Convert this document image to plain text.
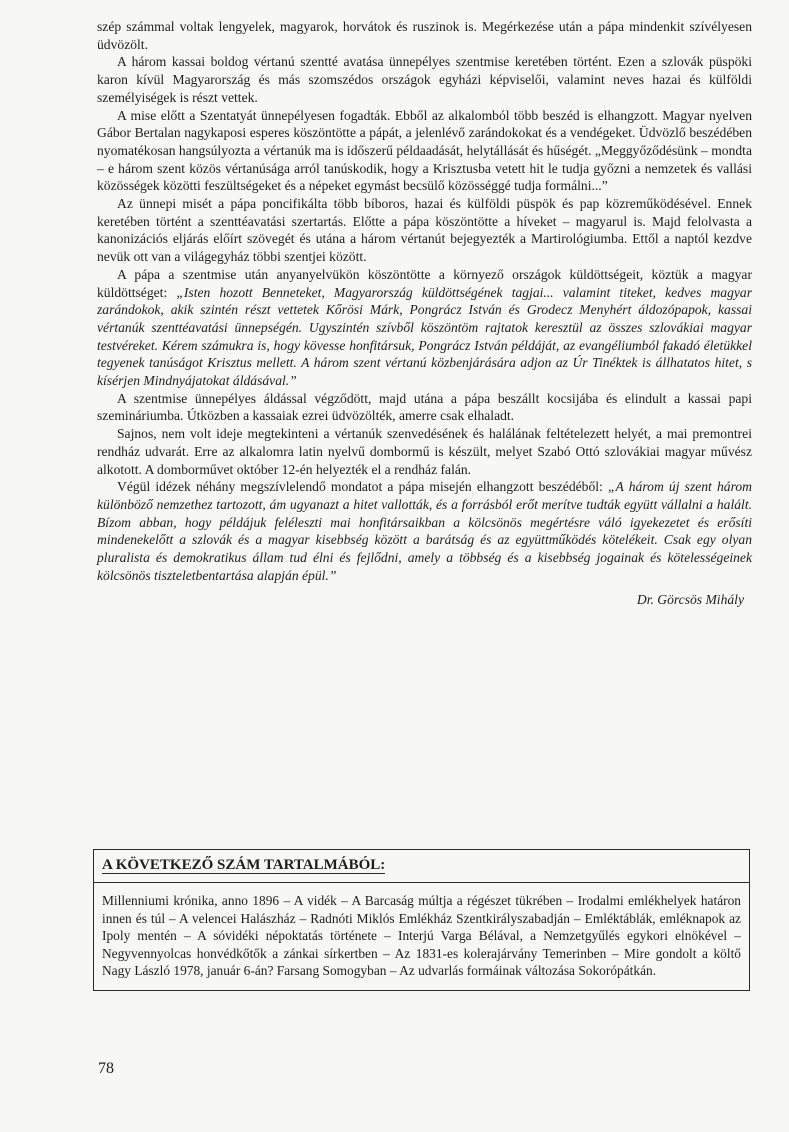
szép számmal voltak lengyelek, magyarok, horvátok és ruszinok is. Megérkezése után a pápa mindenkit szívélyesen üdvözölt.

A három kassai boldog vértanú szentté avatása ünnepélyes szentmise keretében történt. Ezen a szlovák püspöki karon kívül Magyarország és más szomszédos országok egyházi képviselői, valamint neves hazai és külföldi személyiségek is részt vettek.

A mise előtt a Szentatyát ünnepélyesen fogadták. Ebből az alkalomból több beszéd is elhangzott. Magyar nyelven Gábor Bertalan nagykaposi esperes köszöntötte a pápát, a jelenlévő zarándokokat és a vendégeket. Üdvözlő beszédében nyomatékosan hangsúlyozta a vértanúk ma is időszerű példaadását, helytállását és hűségét. „Meggyőződésünk – mondta – e három szent közös vértanúsága arról tanúskodik, hogy a Krisztusba vetett hit le tudja győzni a nemzetek és vallási közösségek közötti feszültségeket és a népeket egymást becsülő közösséggé tudja formálni...”

Az ünnepi misét a pápa poncifikálta több bíboros, hazai és külföldi püspök és pap közreműködésével. Ennek keretében történt a szenttéavatási szertartás. Előtte a pápa köszöntötte a híveket – magyarul is. Majd felolvasta a kanonizációs eljárás előírt szövegét és utána a három vértanút bejegyezték a Martirológiumba. Ettől a naptól kezdve nevük ott van a világegyház többi szentjei között.

A pápa a szentmise után anyanyelvükön köszöntötte a környező országok küldöttségeit, köztük a magyar küldöttséget: „Isten hozott Benneteket, Magyarország küldöttségének tagjai... valamint titeket, kedves magyar zarándokok, akik szintén részt vettetek Kőrösi Márk, Pongrácz István és Grodecz Menyhért áldozópapok, kassai vértanúk szenttéavatási ünnepségén. Ugyszintén szívből köszöntöm rajtatok keresztül az összes szlovákiai magyar testvéreket. Kérem számukra is, hogy kövesse honfitársuk, Pongrácz István példáját, az evangéliumból fakadó életükkel tegyenek tanúságot Krisztus mellett. A három szent vértanú közbenjárására adjon az Úr Tinéktek is állhatatos hitet, s kísérjen Mindnyájatokat áldásával.”

A szentmise ünnepélyes áldással végződött, majd utána a pápa beszállt kocsijába és elindult a kassai papi szemináriumba. Útközben a kassaiak ezrei üdvözölték, amerre csak elhaladt.

Sajnos, nem volt ideje megtekinteni a vértanúk szenvedésének és halálának feltételezett helyét, a mai premontrei rendház udvarát. Erre az alkalomra latin nyelvű dombormű is készült, melyet Szabó Ottó szlovákiai magyar művész alkotott. A domborművet október 12-én helyezték el a rendház falán.

Végül idézek néhány megszívlelendő mondatot a pápa misején elhangzott beszédéből: „A három új szent három különböző nemzethez tartozott, ám ugyanazt a hitet vallották, és a forrásból erőt merítve tudták együtt vállalni a halált. Bízom abban, hogy példájuk feléleszti mai honfitársaikban a kölcsönös megértésre váló igyekezetet és erősíti mindenekelőtt a szlovák és a magyar kisebbség között a barátság és az együttműködés kötelékeit. Csak egy olyan pluralista és demokratikus állam tud élni és fejlődni, amely a többség és a kisebbség jogainak és kötelességeinek kölcsönös tiszteletbentartása alapján épül.”

Dr. Görcsös Mihály
A KÖVETKEZŐ SZÁM TARTALMÁBÓL:
Millenniumi krónika, anno 1896 – A vidék – A Barcaság múltja a régészet tükrében – Irodalmi emlékhelyek határon innen és túl – A velencei Halászház – Radnóti Miklós Emlékház Szentkirályszabadján – Emléktáblák, emléknapok az Ipoly mentén – A sóvidéki népoktatás története – Interjú Varga Bélával, a Nemzetgyűlés egykori elnökével – Negyvennyolcas honvédkőtők a zánkai sírkertben – Az 1831-es kolerajárvány Temerinben – Mire gondolt a költő Nagy László 1978, január 6-án? Farsang Somogyban – Az udvarlás formáinak változása Sokorópátkán.
78
